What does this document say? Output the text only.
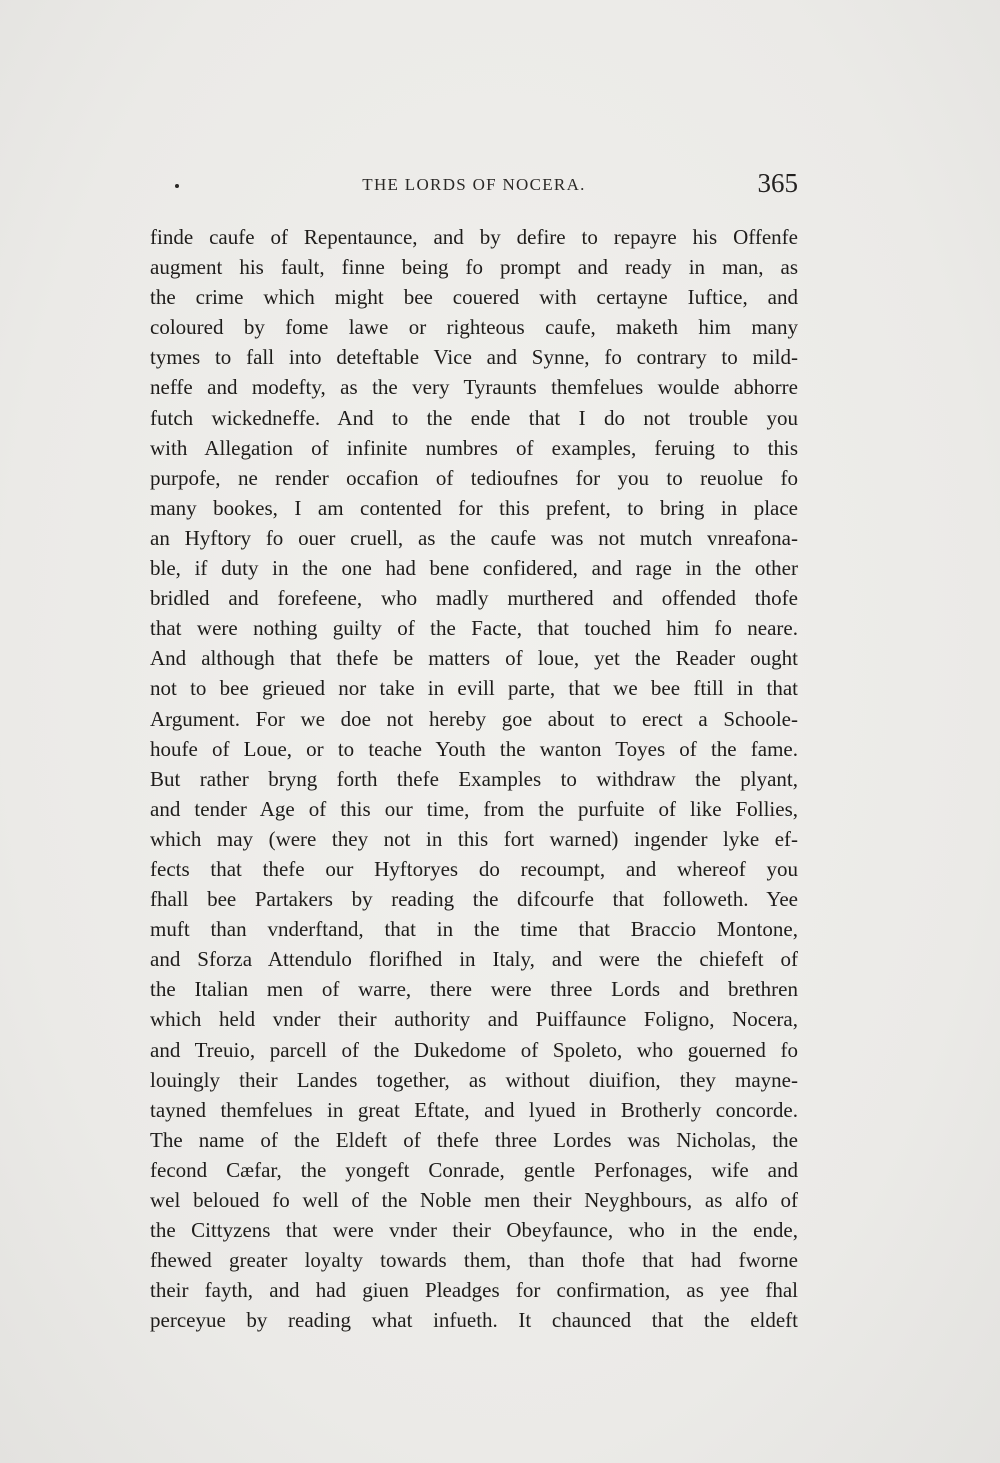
THE LORDS OF NOCERA.	365
finde caufe of Repentaunce, and by defire to repayre his Offenfe
augment his fault, finne being fo prompt and ready in man, as
the crime which might bee couered with certayne Iuftice, and
coloured by fome lawe or righteous caufe, maketh him many
tymes to fall into deteftable Vice and Synne, fo contrary to mild-
neffe and modefty, as the very Tyraunts themfelues woulde abhorre
futch wickedneffe. And to the ende that I do not trouble you
with Allegation of infinite numbres of examples, feruing to this
purpofe, ne render occafion of tedioufnes for you to reuolue fo
many bookes, I am contented for this prefent, to bring in place
an Hyftory fo ouer cruell, as the caufe was not mutch vnreafona-
ble, if duty in the one had bene confidered, and rage in the other
bridled and forefeene, who madly murthered and offended thofe
that were nothing guilty of the Facte, that touched him fo neare.
And although that thefe be matters of loue, yet the Reader ought
not to bee grieued nor take in evill parte, that we bee ftill in that
Argument. For we doe not hereby goe about to erect a Schoole-
houfe of Loue, or to teache Youth the wanton Toyes of the fame.
But rather bryng forth thefe Examples to withdraw the plyant,
and tender Age of this our time, from the purfuite of like Follies,
which may (were they not in this fort warned) ingender lyke ef-
fects that thefe our Hyftoryes do recoumpt, and whereof you
fhall bee Partakers by reading the difcourfe that followeth. Yee
muft than vnderftand, that in the time that Braccio Montone,
and Sforza Attendulo florifhed in Italy, and were the chiefeft of
the Italian men of warre, there were three Lords and brethren
which held vnder their authority and Puiffaunce Foligno, Nocera,
and Treuio, parcell of the Dukedome of Spoleto, who gouerned fo
louingly their Landes together, as without diuifion, they mayne-
tayned themfelues in great Eftate, and lyued in Brotherly concorde.
The name of the Eldeft of thefe three Lordes was Nicholas, the
fecond Cæfar, the yongeft Conrade, gentle Perfonages, wife and
wel beloued fo well of the Noble men their Neyghbours, as alfo of
the Cittyzens that were vnder their Obeyfaunce, who in the ende,
fhewed greater loyalty towards them, than thofe that had fworne
their fayth, and had giuen Pleadges for confirmation, as yee fhal
perceyue by reading what infueth. It chaunced that the eldeft
